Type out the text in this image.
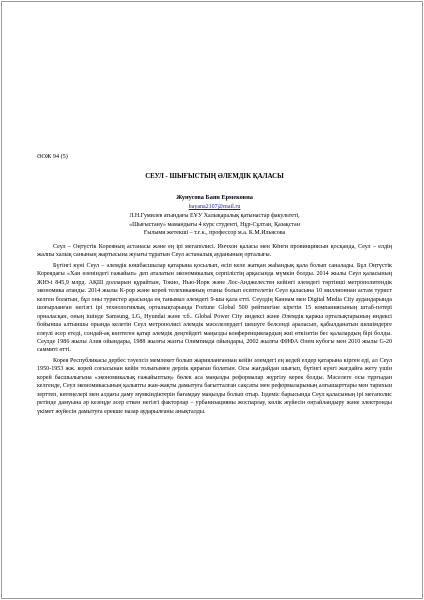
ӘОЖ 94 (5)
СЕУЛ - ШЫҒЫСТЫҢ ӘЛЕМДІК ҚАЛАСЫ
Жунусова Баян Ермековна
bayana2107@mail.ru
Л.Н.Гумилев атындағы ЕҰУ Халықаралық қатынастар факультеті,
«Шығыстану» мамандығы 4 курс студенті, Нұр-Сұлтан, Қазақстан
Ғылыми жетекші – т.ғ.к., профессор м.а. К.М.Ильясова

Сеул – Оңтүстік Кореяның астанасы және ең ірі мегаполисі. Инчхон қаласы мен Кёнги провинциясын қосқанда, Сеул – елдің жалпы халық санының жартысына жуығы тұратын Сеул астаналық ауданының орталығы.

Бүгінгі күні Сеул – әлемдік көшбасшылар қатарына қосылып, өсіп келе жатқан жаһандық қала болып саналады. Бұл Оңтүстік Кореядағы «Хан өзеніндегі ғажайып» деп аталатын экономикалық серпілістің арқасында мүмкін болды. 2014 жылы Сеул қаласының ЖІӨ-і 845,9 млрд. АҚШ долларын құрайтын, Токио, Нью-Йорк және Лос-Анджелестен кейінгі әлемдегі төртінші метрополитендік экономика атанды. 2014 жылы К-рор және корей телехикаяның отаны болып есептелетін Сеул қаласына 10 миллионнан астам турист келген болатын, бұл оны туристер арасында ең танымал әлемдегі 9-шы қала етті. Сеулдің Каннам мен Digital Media City аудандарында шоғырланған негізгі ірі технологиялық орталықтарында Fortune Global 500 рейтингіне кіретін 15 компаниясының штаб-пәтері орналасқан, оның ішінде Samsung, LG, Hyundai және т.б.. Global Power City индексі және Әлемдік қаржы орталықтарының индексі бойынша алтыншы орында келетін Сеул метрополисі әлемдік мәселелердегі шешуге белсенді араласып, қабылданатын шешімдерге елеулі әсер етеді, сондай-ақ көптеген қатар әлемдік деңгейдегі маңызды конференциялардың жиі өткізетін бес қалалардың бірі болды. Сеулде 1986 жылы Азия ойындары, 1988 жылғы жазғы Олимпиада ойындары, 2002 жылғы ФИФА Әлем кубогы мен 2010 жылы G-20 саммиті өтті.

Корея Республикасы дербес тәуелсіз мемлекет болып жарияланғаннан кейін әлемдегі ең кедей елдер қатарына кірген еді, ал Сеул 1950-1953 жж. корей соғысынан кейін толығымен дерлік қираған болатын. Осы жағдайдан шығып, бүгінгі күнгі жағдайға жету үшін корей басшылығына «экономикалық ғажайыптың» бөлек аса маңызды реформалар жүргізу керек болды. Мәселеге осы тұрғыдан келгенде, Сеул экономикасының қалыпты жан-жақты дамытуға бағытталған сақсаты мен реформаларының алғышарттары мен тарихын зерттеп, көтеңелері мен алдағы даму мүмкіндіктерін бағамдау маңызды болып отыр. Іздеміс барысында Сеул қаласының ірі мегаполис ретінде дамуына әр кезеңде әсер еткен негізгі факторлар – урбанизацияны жоспарлау, көлік жүйесін оңтайландыру және электронды үкімет жүйесін дамытуға ерекше назар аударылғаны анықталды.
